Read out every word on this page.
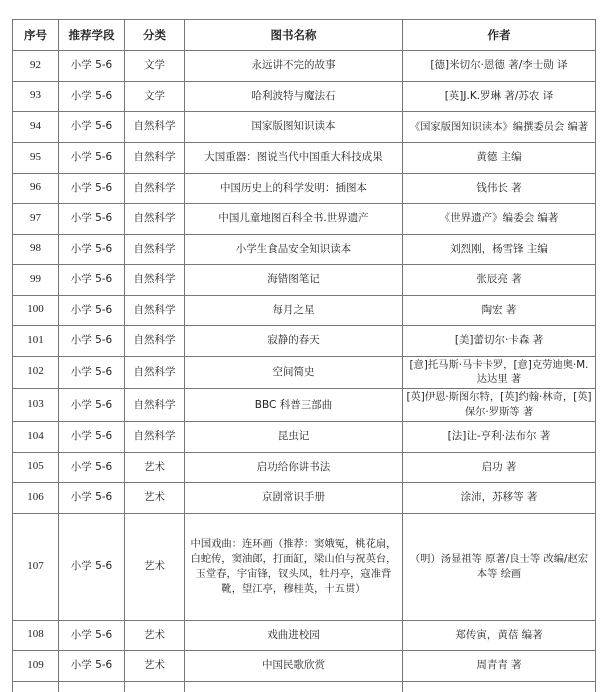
序号	推荐学段	分类	图书名称	作者
92	小学 5-6	文学	永远讲不完的故事	[德]米切尔·恩德 著/李士勋 译
93	小学 5-6	文学	哈利波特与魔法石	[英]J.K.罗琳 著/苏农 译
94	小学 5-6	自然科学	国家版图知识读本	《国家版图知识读本》编撰委员会 编著
95	小学 5-6	自然科学	大国重器：图说当代中国重大科技成果	黄德 主编
96	小学 5-6	自然科学	中国历史上的科学发明：插图本	钱伟长 著
97	小学 5-6	自然科学	中国儿童地图百科全书.世界遗产	《世界遗产》编委会 编著
98	小学 5-6	自然科学	小学生食品安全知识读本	刘烈刚，杨雪锋 主编
99	小学 5-6	自然科学	海错图笔记	张辰亮 著
100	小学 5-6	自然科学	每月之星	陶宏 著
101	小学 5-6	自然科学	寂静的春天	[美]蕾切尔·卡森 著
102	小学 5-6	自然科学	空间简史	[意]托马斯·马卡卡罗，[意]克劳迪奥·M.达达里 著
103	小学 5-6	自然科学	BBC 科普三部曲	[英]伊恩·斯图尔特，[英]约翰·林奇，[英]保尔·罗斯等 著
104	小学 5-6	自然科学	昆虫记	[法]让-亨利·法布尔 著
105	小学 5-6	艺术	启功给你讲书法	启功 著
106	小学 5-6	艺术	京剧常识手册	涂沛，苏移等 著
107	小学 5-6	艺术	中国戏曲：连环画（推荐：窦娥冤，桃花扇，白蛇传，窦油郎，打面缸，梁山伯与祝英台，玉堂春，宇宙锋，钗头凤，牡丹亭，寇准背靴，望江亭，穆桂英，十五贯）	（明）汤显祖等 原著/良士等 改编/赵宏本等 绘画
108	小学 5-6	艺术	戏曲进校园	郑传寅，黄蓓 编著
109	小学 5-6	艺术	中国民歌欣赏	周青青 著
